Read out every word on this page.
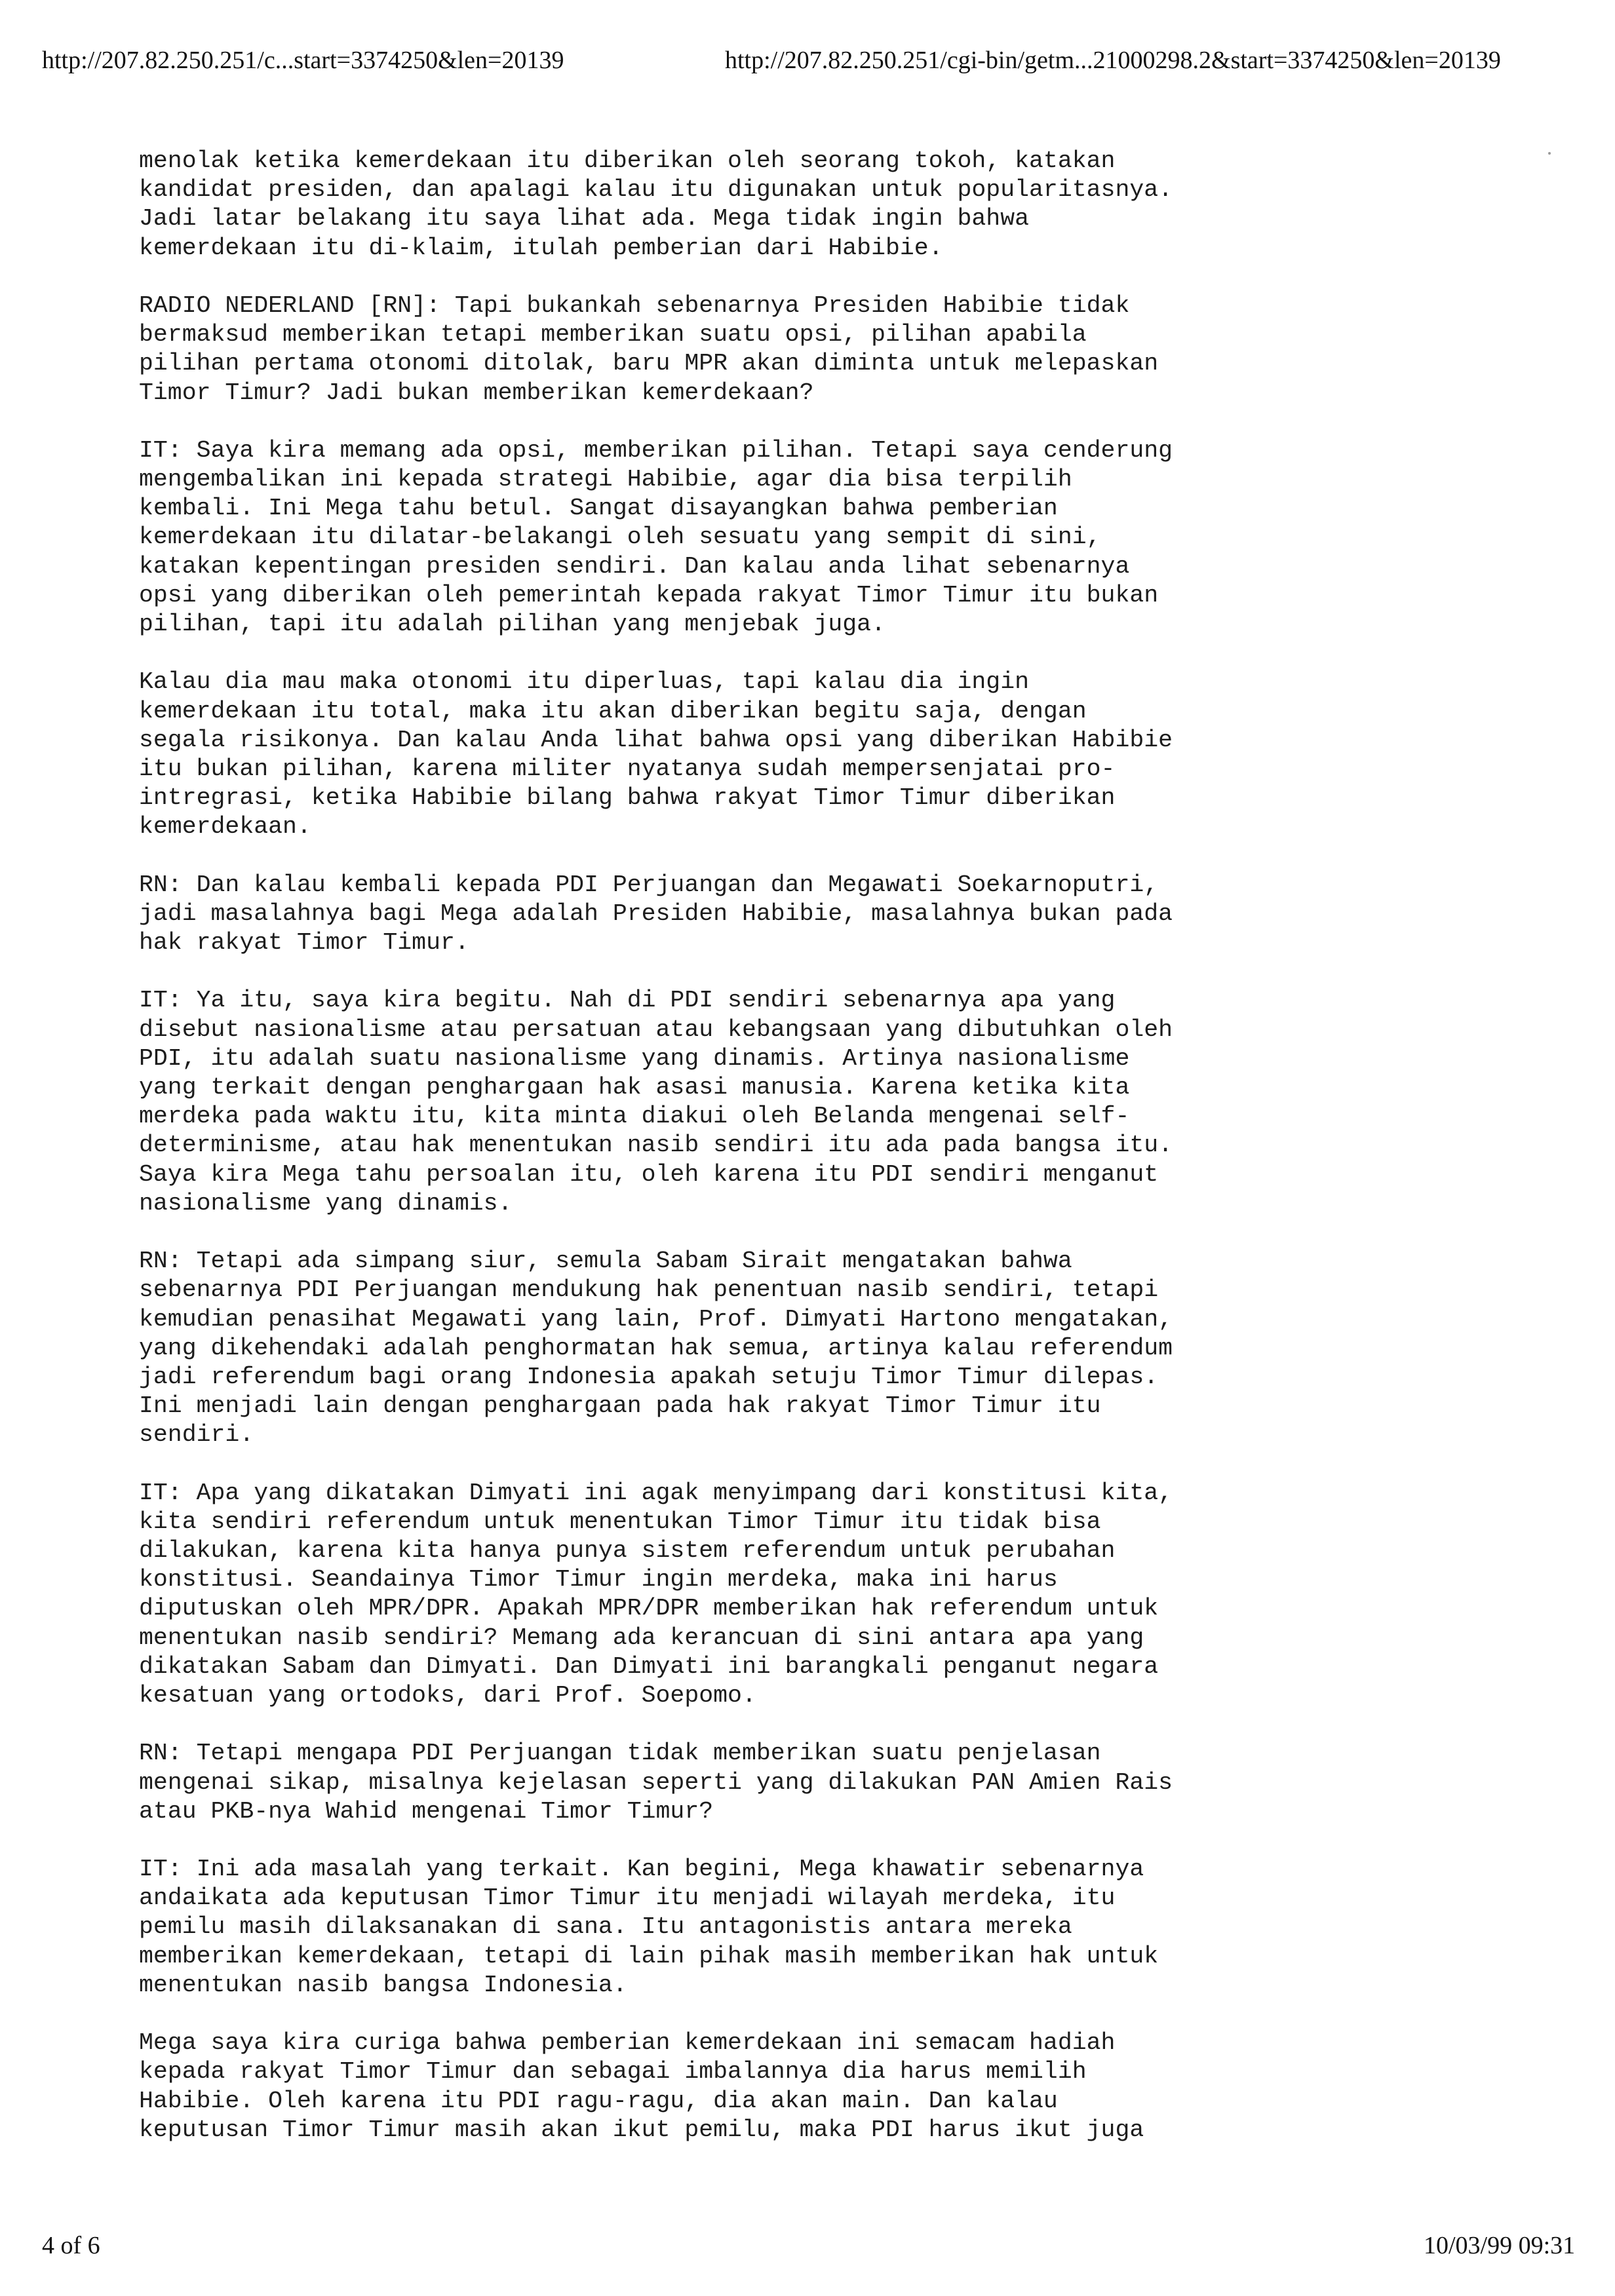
http://207.82.250.251/c...start=3374250&len=20139	http://207.82.250.251/cgi-bin/getm...21000298.2&start=3374250&len=20139
menolak ketika kemerdekaan itu diberikan oleh seorang tokoh, katakan
kandidat presiden, dan apalagi kalau itu digunakan untuk popularitasnya.
Jadi latar belakang itu saya lihat ada. Mega tidak ingin bahwa
kemerdekaan itu di-klaim, itulah pemberian dari Habibie.
RADIO NEDERLAND [RN]: Tapi bukankah sebenarnya Presiden Habibie tidak
bermaksud memberikan tetapi memberikan suatu opsi, pilihan apabila
pilihan pertama otonomi ditolak, baru MPR akan diminta untuk melepaskan
Timor Timur? Jadi bukan memberikan kemerdekaan?
IT: Saya kira memang ada opsi, memberikan pilihan. Tetapi saya cenderung
mengembalikan ini kepada strategi Habibie, agar dia bisa terpilih
kembali. Ini Mega tahu betul. Sangat disayangkan bahwa pemberian
kemerdekaan itu dilatar-belakangi oleh sesuatu yang sempit di sini,
katakan kepentingan presiden sendiri. Dan kalau anda lihat sebenarnya
opsi yang diberikan oleh pemerintah kepada rakyat Timor Timur itu bukan
pilihan, tapi itu adalah pilihan yang menjebak juga.
Kalau dia mau maka otonomi itu diperluas, tapi kalau dia ingin
kemerdekaan itu total, maka itu akan diberikan begitu saja, dengan
segala risikonya. Dan kalau Anda lihat bahwa opsi yang diberikan Habibie
itu bukan pilihan, karena militer nyatanya sudah mempersenjatai pro-
intregrasi, ketika Habibie bilang bahwa rakyat Timor Timur diberikan
kemerdekaan.
RN: Dan kalau kembali kepada PDI Perjuangan dan Megawati Soekarnoputri,
jadi masalahnya bagi Mega adalah Presiden Habibie, masalahnya bukan pada
hak rakyat Timor Timur.
IT: Ya itu, saya kira begitu. Nah di PDI sendiri sebenarnya apa yang
disebut nasionalisme atau persatuan atau kebangsaan yang dibutuhkan oleh
PDI, itu adalah suatu nasionalisme yang dinamis. Artinya nasionalisme
yang terkait dengan penghargaan hak asasi manusia. Karena ketika kita
merdeka pada waktu itu, kita minta diakui oleh Belanda mengenai self-
determinisme, atau hak menentukan nasib sendiri itu ada pada bangsa itu.
Saya kira Mega tahu persoalan itu, oleh karena itu PDI sendiri menganut
nasionalisme yang dinamis.
RN: Tetapi ada simpang siur, semula Sabam Sirait mengatakan bahwa
sebenarnya PDI Perjuangan mendukung hak penentuan nasib sendiri, tetapi
kemudian penasihat Megawati yang lain, Prof. Dimyati Hartono mengatakan,
yang dikehendaki adalah penghormatan hak semua, artinya kalau referendum
jadi referendum bagi orang Indonesia apakah setuju Timor Timur dilepas.
Ini menjadi lain dengan penghargaan pada hak rakyat Timor Timur itu
sendiri.
IT: Apa yang dikatakan Dimyati ini agak menyimpang dari konstitusi kita,
kita sendiri referendum untuk menentukan Timor Timur itu tidak bisa
dilakukan, karena kita hanya punya sistem referendum untuk perubahan
konstitusi. Seandainya Timor Timur ingin merdeka, maka ini harus
diputuskan oleh MPR/DPR. Apakah MPR/DPR memberikan hak referendum untuk
menentukan nasib sendiri? Memang ada kerancuan di sini antara apa yang
dikatakan Sabam dan Dimyati. Dan Dimyati ini barangkali penganut negara
kesatuan yang ortodoks, dari Prof. Soepomo.
RN: Tetapi mengapa PDI Perjuangan tidak memberikan suatu penjelasan
mengenai sikap, misalnya kejelasan seperti yang dilakukan PAN Amien Rais
atau PKB-nya Wahid mengenai Timor Timur?
IT: Ini ada masalah yang terkait. Kan begini, Mega khawatir sebenarnya
andaikata ada keputusan Timor Timur itu menjadi wilayah merdeka, itu
pemilu masih dilaksanakan di sana. Itu antagonistis antara mereka
memberikan kemerdekaan, tetapi di lain pihak masih memberikan hak untuk
menentukan nasib bangsa Indonesia.
Mega saya kira curiga bahwa pemberian kemerdekaan ini semacam hadiah
kepada rakyat Timor Timur dan sebagai imbalannya dia harus memilih
Habibie. Oleh karena itu PDI ragu-ragu, dia akan main. Dan kalau
keputusan Timor Timur masih akan ikut pemilu, maka PDI harus ikut juga
4 of 6	10/03/99 09:31
